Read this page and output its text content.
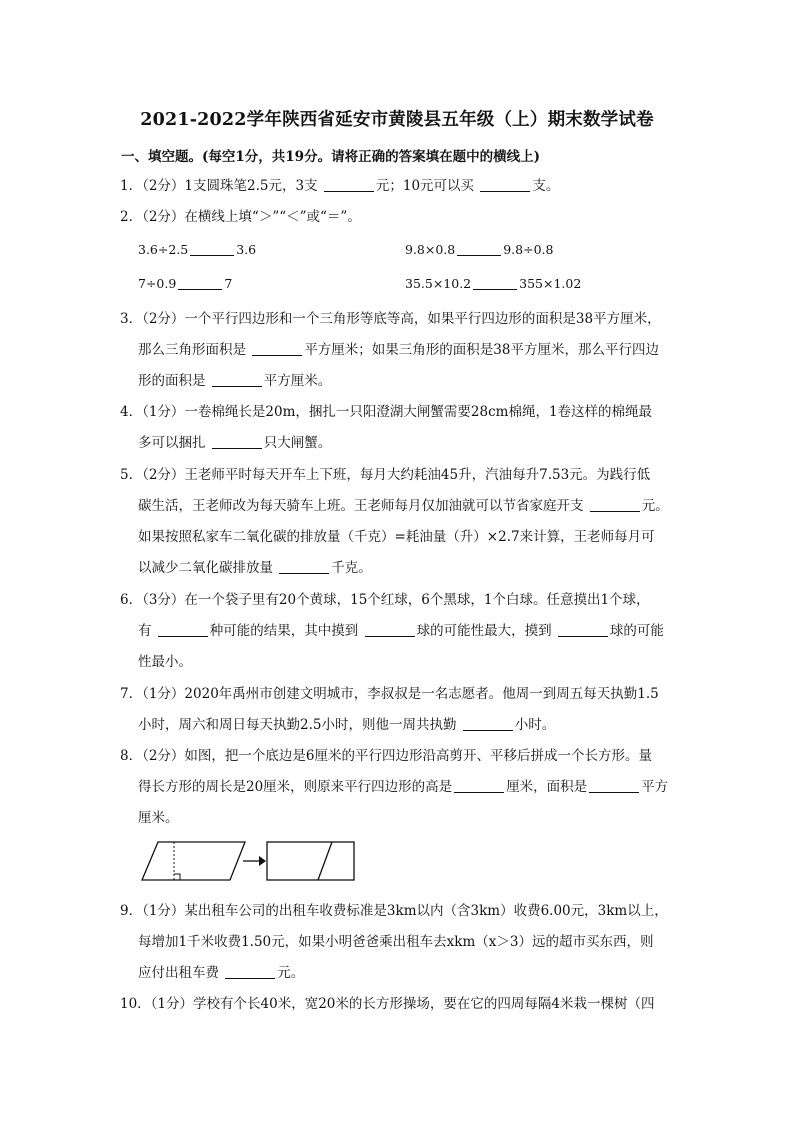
2021-2022学年陕西省延安市黄陵县五年级（上）期末数学试卷
一、填空题。(每空1分，共19分。请将正确的答案填在题中的横线上)

1．（2分）1支圆珠笔2.5元，3支	元；10元可以买	支。

2．（2分）在横线上填“＞”“＜”或“＝”。

3.6÷2.5	3.6	9.8×0.8	9.8÷0.8
7÷0.9	7	35.5×10.2	355×1.02

3．（2分）一个平行四边形和一个三角形等底等高，如果平行四边形的面积是38平方厘米，

那么三角形面积是	平方厘米；如果三角形的面积是38平方厘米，那么平行四边

形的面积是	平方厘米。

4．（1分）一卷棉绳长是20m，捆扎一只阳澄湖大闸蟹需要28cm棉绳，1卷这样的棉绳最

多可以捆扎	只大闸蟹。

5．（2分）王老师平时每天开车上下班，每月大约耗油45升，汽油每升7.53元。为践行低

碳生活，王老师改为每天骑车上班。王老师每月仅加油就可以节省家庭开支	元。

如果按照私家车二氧化碳的排放量（千克）=耗油量（升）×2.7来计算，王老师每月可

以减少二氧化碳排放量	千克。

6．（3分）在一个袋子里有20个黄球，15个红球，6个黑球，1个白球。任意摸出1个球，

有	种可能的结果，其中摸到	球的可能性最大，摸到	球的可能

性最小。

7．（1分）2020年禹州市创建文明城市，李叔叔是一名志愿者。他周一到周五每天执勤1.5

小时，周六和周日每天执勤2.5小时，则他一周共执勤	小时。

8．（2分）如图，把一个底边是6厘米的平行四边形沿高剪开、平移后拼成一个长方形。量

得长方形的周长是20厘米，则原来平行四边形的高是	厘米，面积是	平方

厘米。

9．（1分）某出租车公司的出租车收费标准是3km以内（含3km）收费6.00元，3km以上，

每增加1千米收费1.50元，如果小明爸爸乘出租车去xkm（x＞3）远的超市买东西，则

应付出租车费	元。

10．（1分）学校有个长40米，宽20米的长方形操场，要在它的四周每隔4米栽一棵树（四
